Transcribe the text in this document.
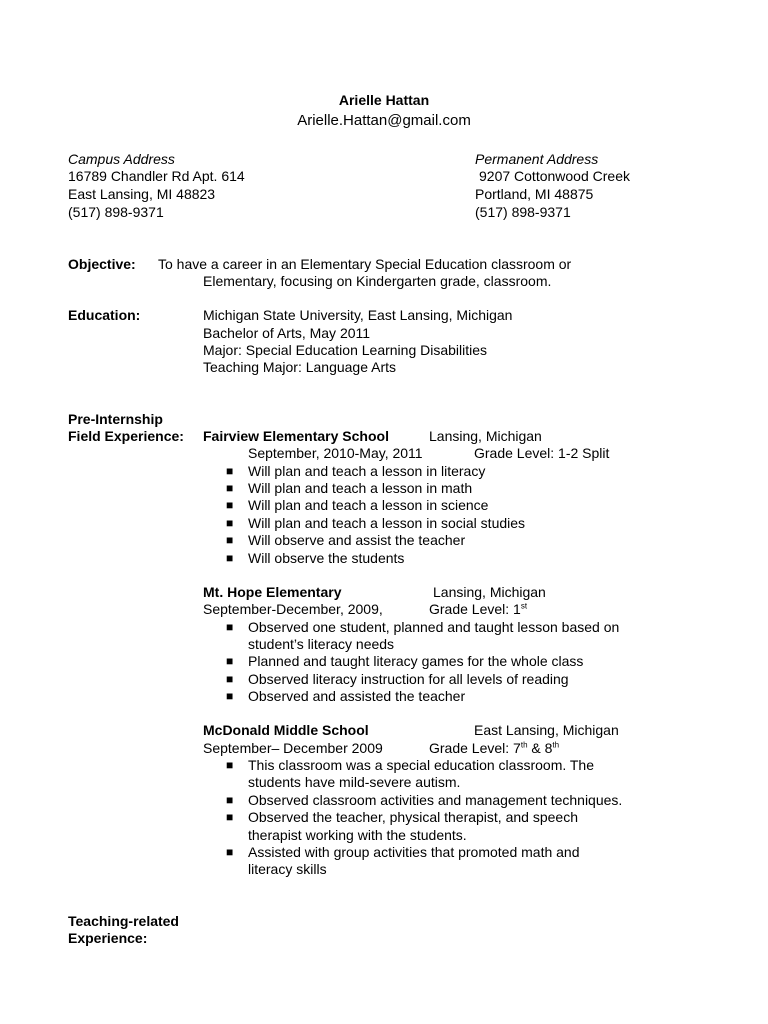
Arielle Hattan
Arielle.Hattan@gmail.com
Campus Address
16789 Chandler Rd Apt. 614
East Lansing, MI 48823
(517) 898-9371
Permanent Address
9207 Cottonwood Creek
Portland, MI 48875
(517) 898-9371
Objective: To have a career in an Elementary Special Education classroom or
Elementary, focusing on Kindergarten grade, classroom.
Education:	Michigan State University, East Lansing, Michigan
Bachelor of Arts, May 2011
Major: Special Education Learning Disabilities
Teaching Major: Language Arts
Pre-Internship
Field Experience: Fairview Elementary School	Lansing, Michigan
September, 2010-May, 2011	Grade Level: 1-2 Split
■ Will plan and teach a lesson in literacy
■ Will plan and teach a lesson in math
■ Will plan and teach a lesson in science
■ Will plan and teach a lesson in social studies
■ Will observe and assist the teacher
■ Will observe the students
Mt. Hope Elementary	Lansing, Michigan
September-December, 2009,	Grade Level: 1st
■ Observed one student, planned and taught lesson based on
student’s literacy needs
■ Planned and taught literacy games for the whole class
■ Observed literacy instruction for all levels of reading
■ Observed and assisted the teacher
McDonald Middle School	East Lansing, Michigan
September– December 2009	Grade Level: 7th & 8th
■ This classroom was a special education classroom. The
students have mild-severe autism.
■ Observed classroom activities and management techniques.
■ Observed the teacher, physical therapist, and speech
therapist working with the students.
■ Assisted with group activities that promoted math and
literacy skills
Teaching-related
Experience:
